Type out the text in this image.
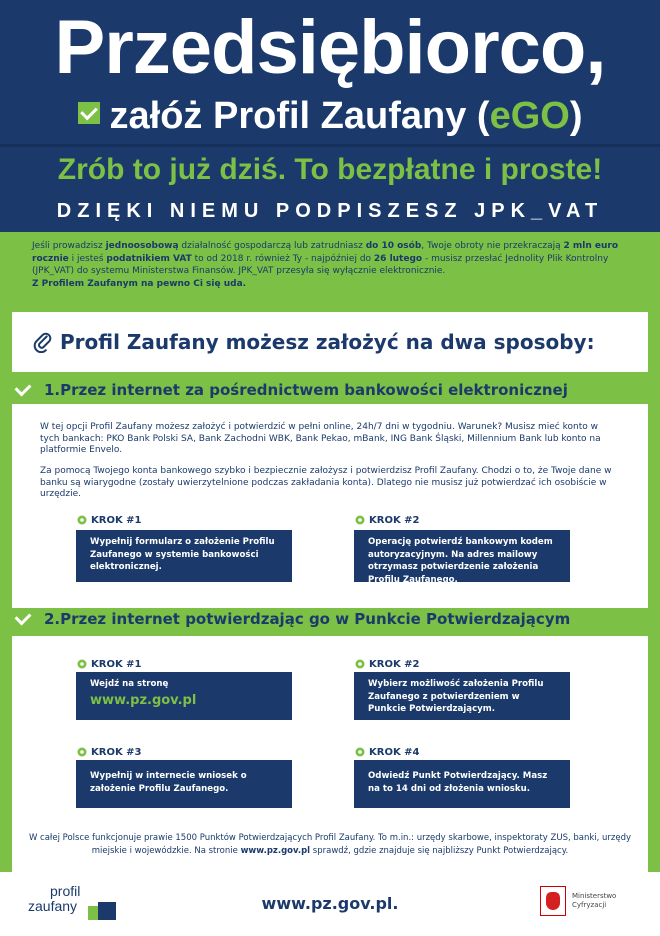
Przedsiębiorco,
załóż Profil Zaufany (eGO)
Zrób to już dziś. To bezpłatne i proste!
DZIĘKI NIEMU PODPISZESZ JPK_VAT
Jeśli prowadzisz jednoosobową działalność gospodarczą lub zatrudniasz do 10 osób, Twoje obroty nie przekraczają 2 mln euro rocznie i jesteś podatnikiem VAT to od 2018 r. również Ty - najpóźniej do 26 lutego - musisz przesłać Jednolity Plik Kontrolny (JPK_VAT) do systemu Ministerstwa Finansów. JPK_VAT przesyła się wyłącznie elektronicznie.
Z Profilem Zaufanym na pewno Ci się uda.
Profil Zaufany możesz założyć na dwa sposoby:
1.Przez internet za pośrednictwem bankowości elektronicznej
W tej opcji Profil Zaufany możesz założyć i potwierdzić w pełni online, 24h/7 dni w tygodniu. Warunek? Musisz mieć konto w tych bankach: PKO Bank Polski SA, Bank Zachodni WBK, Bank Pekao, mBank, ING Bank Śląski, Millennium Bank lub konto na platformie Envelo.
Za pomocą Twojego konta bankowego szybko i bezpiecznie założysz i potwierdzisz Profil Zaufany. Chodzi o to, że Twoje dane w banku są wiarygodne (zostały uwierzytelnione podczas zakładania konta). Dlatego nie musisz już potwierdzać ich osobiście w urzędzie.
KROK #1
Wypełnij formularz o założenie Profilu Zaufanego w systemie bankowości elektronicznej.
KROK #2
Operację potwierdź bankowym kodem autoryzacyjnym. Na adres mailowy otrzymasz potwierdzenie założenia Profilu Zaufanego.
2.Przez internet potwierdzając go w Punkcie Potwierdzającym
KROK #1
Wejdź na stronę
www.pz.gov.pl
KROK #2
Wybierz możliwość założenia Profilu Zaufanego z potwierdzeniem w Punkcie Potwierdzającym.
KROK #3
Wypełnij w internecie wniosek o założenie Profilu Zaufanego.
KROK #4
Odwiedź Punkt Potwierdzający. Masz na to 14 dni od złożenia wniosku.
W całej Polsce funkcjonuje prawie 1500 Punktów Potwierdzających Profil Zaufany. To m.in.: urzędy skarbowe, inspektoraty ZUS, banki, urzędy miejskie i wojewódzkie. Na stronie www.pz.gov.pl sprawdź, gdzie znajduje się najbliższy Punkt Potwierdzający.
profil
zaufany	www.pz.gov.pl.	Ministerstwo
Cyfryzacji
